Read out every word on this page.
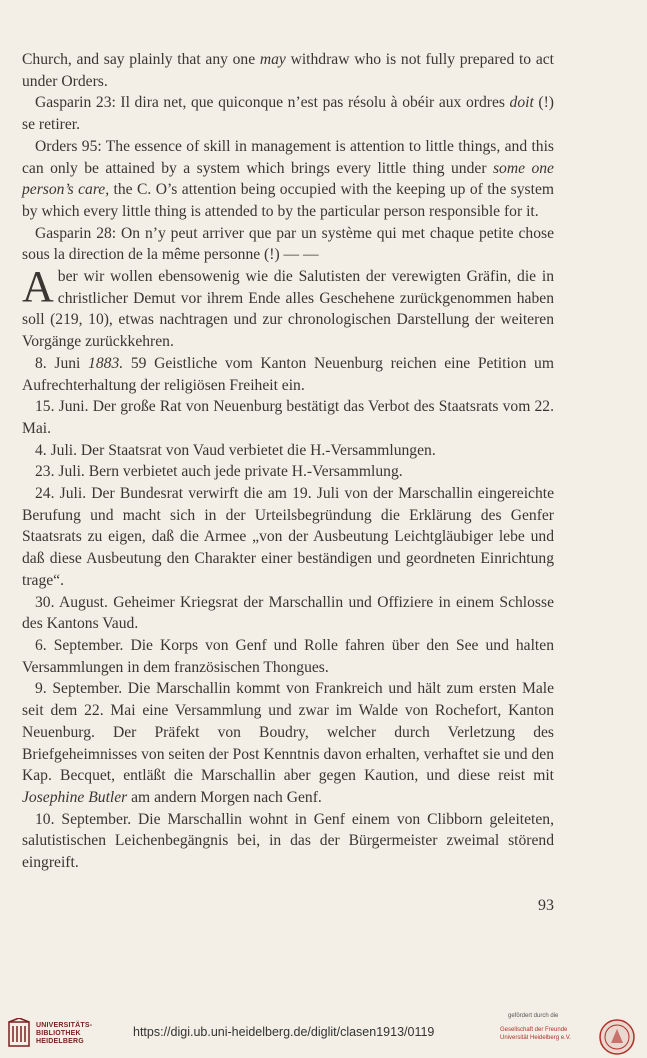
Church, and say plainly that any one may withdraw who is not fully prepared to act under Orders.

Gasparin 23: Il dira net, que quiconque n’est pas résolu à obéir aux ordres doit (!) se retirer.

Orders 95: The essence of skill in management is attention to little things, and this can only be attained by a system which brings every little thing under some one person’s care, the C. O’s attention being occupied with the keeping up of the system by which every little thing is attended to by the particular person responsible for it.

Gasparin 28: On n’y peut arriver que par un système qui met chaque petite chose sous la direction de la même personne (!) — —

Aber wir wollen ebensowenig wie die Salutisten der verewigten Gräfin, die in christlicher Demut vor ihrem Ende alles Geschehene zurückgenommen haben soll (219, 10), etwas nachtragen und zur chronologischen Darstellung der weiteren Vorgänge zurückkehren.

8. Juni 1883. 59 Geistliche vom Kanton Neuenburg reichen eine Petition um Aufrechterhaltung der religiösen Freiheit ein.

15. Juni. Der große Rat von Neuenburg bestätigt das Verbot des Staatsrats vom 22. Mai.

4. Juli. Der Staatsrat von Vaud verbietet die H.-Versammlungen.

23. Juli. Bern verbietet auch jede private H.-Versammlung.

24. Juli. Der Bundesrat verwirft die am 19. Juli von der Marschallin eingereichte Berufung und macht sich in der Urteilsbegründung die Erklärung des Genfer Staatsrats zu eigen, daß die Armee „von der Ausbeutung Leichtgläubiger lebe und daß diese Ausbeutung den Charakter einer beständigen und geordneten Einrichtung trage“.

30. August. Geheimer Kriegsrat der Marschallin und Offiziere in einem Schlosse des Kantons Vaud.

6. September. Die Korps von Genf und Rolle fahren über den See und halten Versammlungen in dem französischen Thongues.

9. September. Die Marschallin kommt von Frankreich und hält zum ersten Male seit dem 22. Mai eine Versammlung und zwar im Walde von Rochefort, Kanton Neuenburg. Der Präfekt von Boudry, welcher durch Verletzung des Briefgeheimnisses von seiten der Post Kenntnis davon erhalten, verhaftet sie und den Kap. Becquet, entläßt die Marschallin aber gegen Kaution, und diese reist mit Josephine Butler am andern Morgen nach Genf.

10. September. Die Marschallin wohnt in Genf einem von Clibborn geleiteten, salutistischen Leichenbegängnis bei, in das der Bürgermeister zweimal störend eingreift.

93
UNIVERSITÄTS-
BIBLIOTHEK
HEIDELBERG
https://digi.ub.uni-heidelberg.de/diglit/clasen1913/0119
gefördert durch die
Gesellschaft der Freunde
Universität Heidelberg e.V.
